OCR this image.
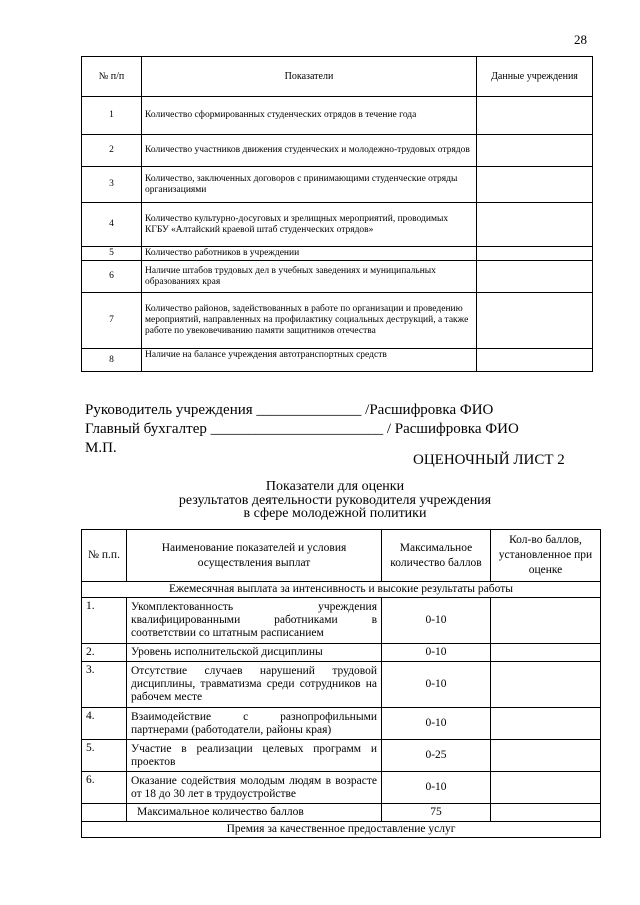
28
№ п/п	Показатели	Данные учреждения
1	Количество сформированных студенческих отрядов в течение года	
2	Количество участников движения студенческих и молодежно-трудовых отрядов	
3	Количество, заключенных договоров с принимающими студенческие отряды организациями	
4	Количество культурно-досуговых и зрелищных мероприятий, проводимых КГБУ «Алтайский краевой штаб студенческих отрядов»	
5	Количество работников в учреждении	
6	Наличие штабов трудовых дел в учебных заведениях и муниципальных образованиях края	
7	Количество районов, задействованных в работе по организации и проведению мероприятий, направленных на профилактику социальных деструкций, а также работе по увековечиванию памяти защитников отечества	
8	Наличие на балансе учреждения автотранспортных средств	
Руководитель учреждения ______________ /Расшифровка ФИО
Главный бухгалтер _______________________ / Расшифровка ФИО
М.П.
ОЦЕНОЧНЫЙ ЛИСТ 2
Показатели для оценки
результатов деятельности руководителя учреждения
в сфере молодежной политики
№ п.п.	Наименование показателей и условия осуществления выплат	Максимальное количество баллов	Кол-во баллов, установленное при оценке
Ежемесячная выплата за интенсивность и высокие результаты работы			
1.	Укомплектованность учреждения квалифицированными работниками в соответствии со штатным расписанием	0-10	
2.	Уровень исполнительской дисциплины	0-10	
3.	Отсутствие случаев нарушений трудовой дисциплины, травматизма среди сотрудников на рабочем месте	0-10	
4.	Взаимодействие с разнопрофильными партнерами (работодатели, районы края)	0-10	
5.	Участие в реализации целевых программ и проектов	0-25	
6.	Оказание содействия молодым людям в возрасте от 18 до 30 лет в трудоустройстве	0-10	
	Максимальное количество баллов	75	
Премия за качественное предоставление услуг			
